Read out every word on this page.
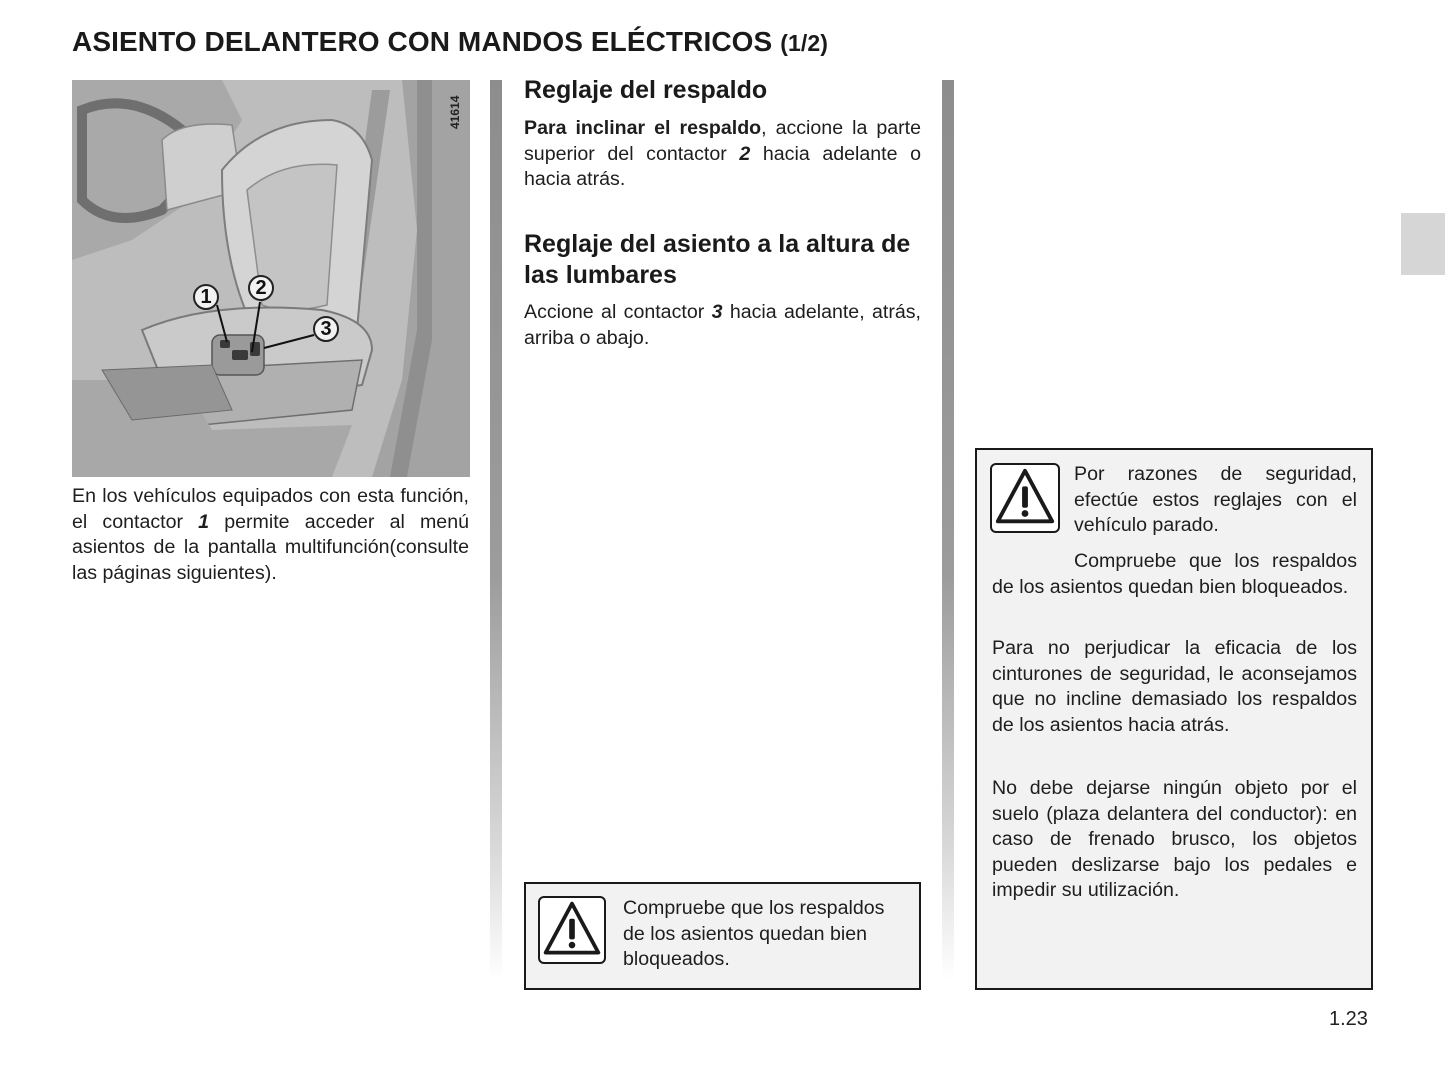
ASIENTO DELANTERO CON MANDOS ELÉCTRICOS (1/2)
41614
1	2
3

En los vehículos equipados con esta función, el contactor 1 permite acceder al menú asientos de la pantalla multifunción(consulte las páginas siguientes).

Reglaje del respaldo

Para inclinar el respaldo, accione la parte superior del contactor 2 hacia adelante o hacia atrás.

Reglaje del asiento a la altura de las lumbares

Accione al contactor 3 hacia adelante, atrás, arriba o abajo.

Compruebe que los respaldos de los asientos quedan bien bloqueados.

Por razones de seguridad, efectúe estos reglajes con el vehículo parado.

Compruebe que los respaldos de los asientos quedan bien bloqueados.

Para no perjudicar la eficacia de los cinturones de seguridad, le aconsejamos que no incline demasiado los respaldos de los asientos hacia atrás.

No debe dejarse ningún objeto por el suelo (plaza delantera del conductor): en caso de frenado brusco, los objetos pueden deslizarse bajo los pedales e impedir su utilización.

1.23
